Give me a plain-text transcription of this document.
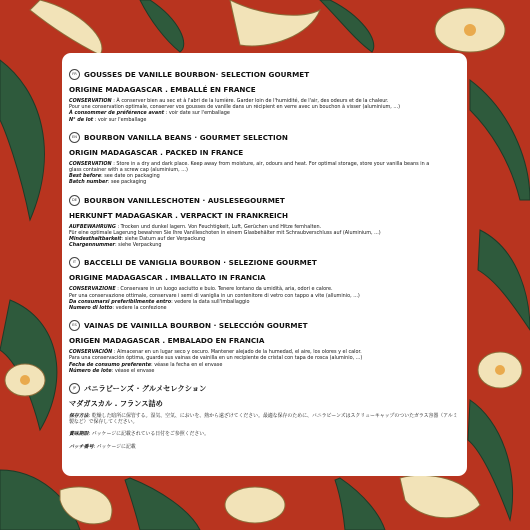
FR	GOUSSES DE VANILLE BOURBON· SELECTION GOURMET
ORIGINE MADAGASCAR . EMBALLÉ EN FRANCE
CONSERVATION : À conserver bien au sec et à l'abri de la lumière. Garder loin de l'humidité, de l'air, des odeurs et de la chaleur.
Pour une conservation optimale, conserver vos gousses de vanille dans un récipient en verre avec un bouchon à visser (aluminium, ...)
À consommer de préférence avant : voir date sur l'emballage
N° de lot : voir sur l'emballage
EN BOURBON VANILLA BEANS · GOURMET SELECTION
ORIGIN MADAGASCAR . PACKED IN FRANCE
CONSERVATION : Store in a dry and dark place. Keep away from moisture, air, odours and heat. For optimal storage, store your vanilla beans in a
glass container with a screw cap (aluminium, ...)
Best before: see date on packaging
Batch number: see packaging
DE BOURBON VANILLESCHOTEN · AUSLESEGOURMET
HERKUNFT MADAGASKAR . VERPACKT IN FRANKREICH
AUFBEWAHRUNG : Trocken und dunkel lagern. Von Feuchtigkeit, Luft, Gerüchen und Hitze fernhalten.
Für eine optimale Lagerung bewahren Sie Ihre Vanilleschoten in einem Glasbehälter mit Schraubverschluss auf (Aluminium, ...)
Mindesthaltbarkeit: siehe Datum auf der Verpackung
Chargennummer: siehe Verpackung
IT	BACCELLI DE VANIGLIA BOURBON · SELEZIONE GOURMET
ORIGINE MADAGASCAR . IMBALLATO IN FRANCIA
CONSERVAZIONE : Conservare in un luogo asciutto e buio. Tenere lontano da umidità, aria, odori e calore.
Per una conservazione ottimale, conservare i semi di vaniglia in un contenitore di vetro con tappo a vite (alluminio, ...)
Da consumarsi preferibilmente entro: vedere la data sull'imballaggio
Numero di lotto: vedere la confezione
ES	VAINAS DE VAINILLA BOURBON · SELECCIÓN GOURMET
ORIGEN MADAGASCAR . EMBALADO EN FRANCIA
CONSERVACIÓN : Almacenar en un lugar seco y oscuro. Mantener alejado de la humedad, el aire, los olores y el calor.
Para una conservación óptima, guarde sus vainas de vainilla en un recipiente de cristal con tapa de rosca (aluminio, ...)
Fecha de consumo preferente: véase la fecha en el envase
Número de lote: véase el envase
JP	バニラビーンズ · グルメセレクション
マダガスカル . フランス詰め
保存方法: 乾燥した暗所に保管する。湿気、空気、においを、熱から遠ざけてください。最適な保存のために、バニラビーンズはスクリューキャップのついたガラス容器（アルミ製など）で保存してください。
賞味期限: パッケージに記載されている日付をご参照ください。
バッチ番号: パッケージに記載
